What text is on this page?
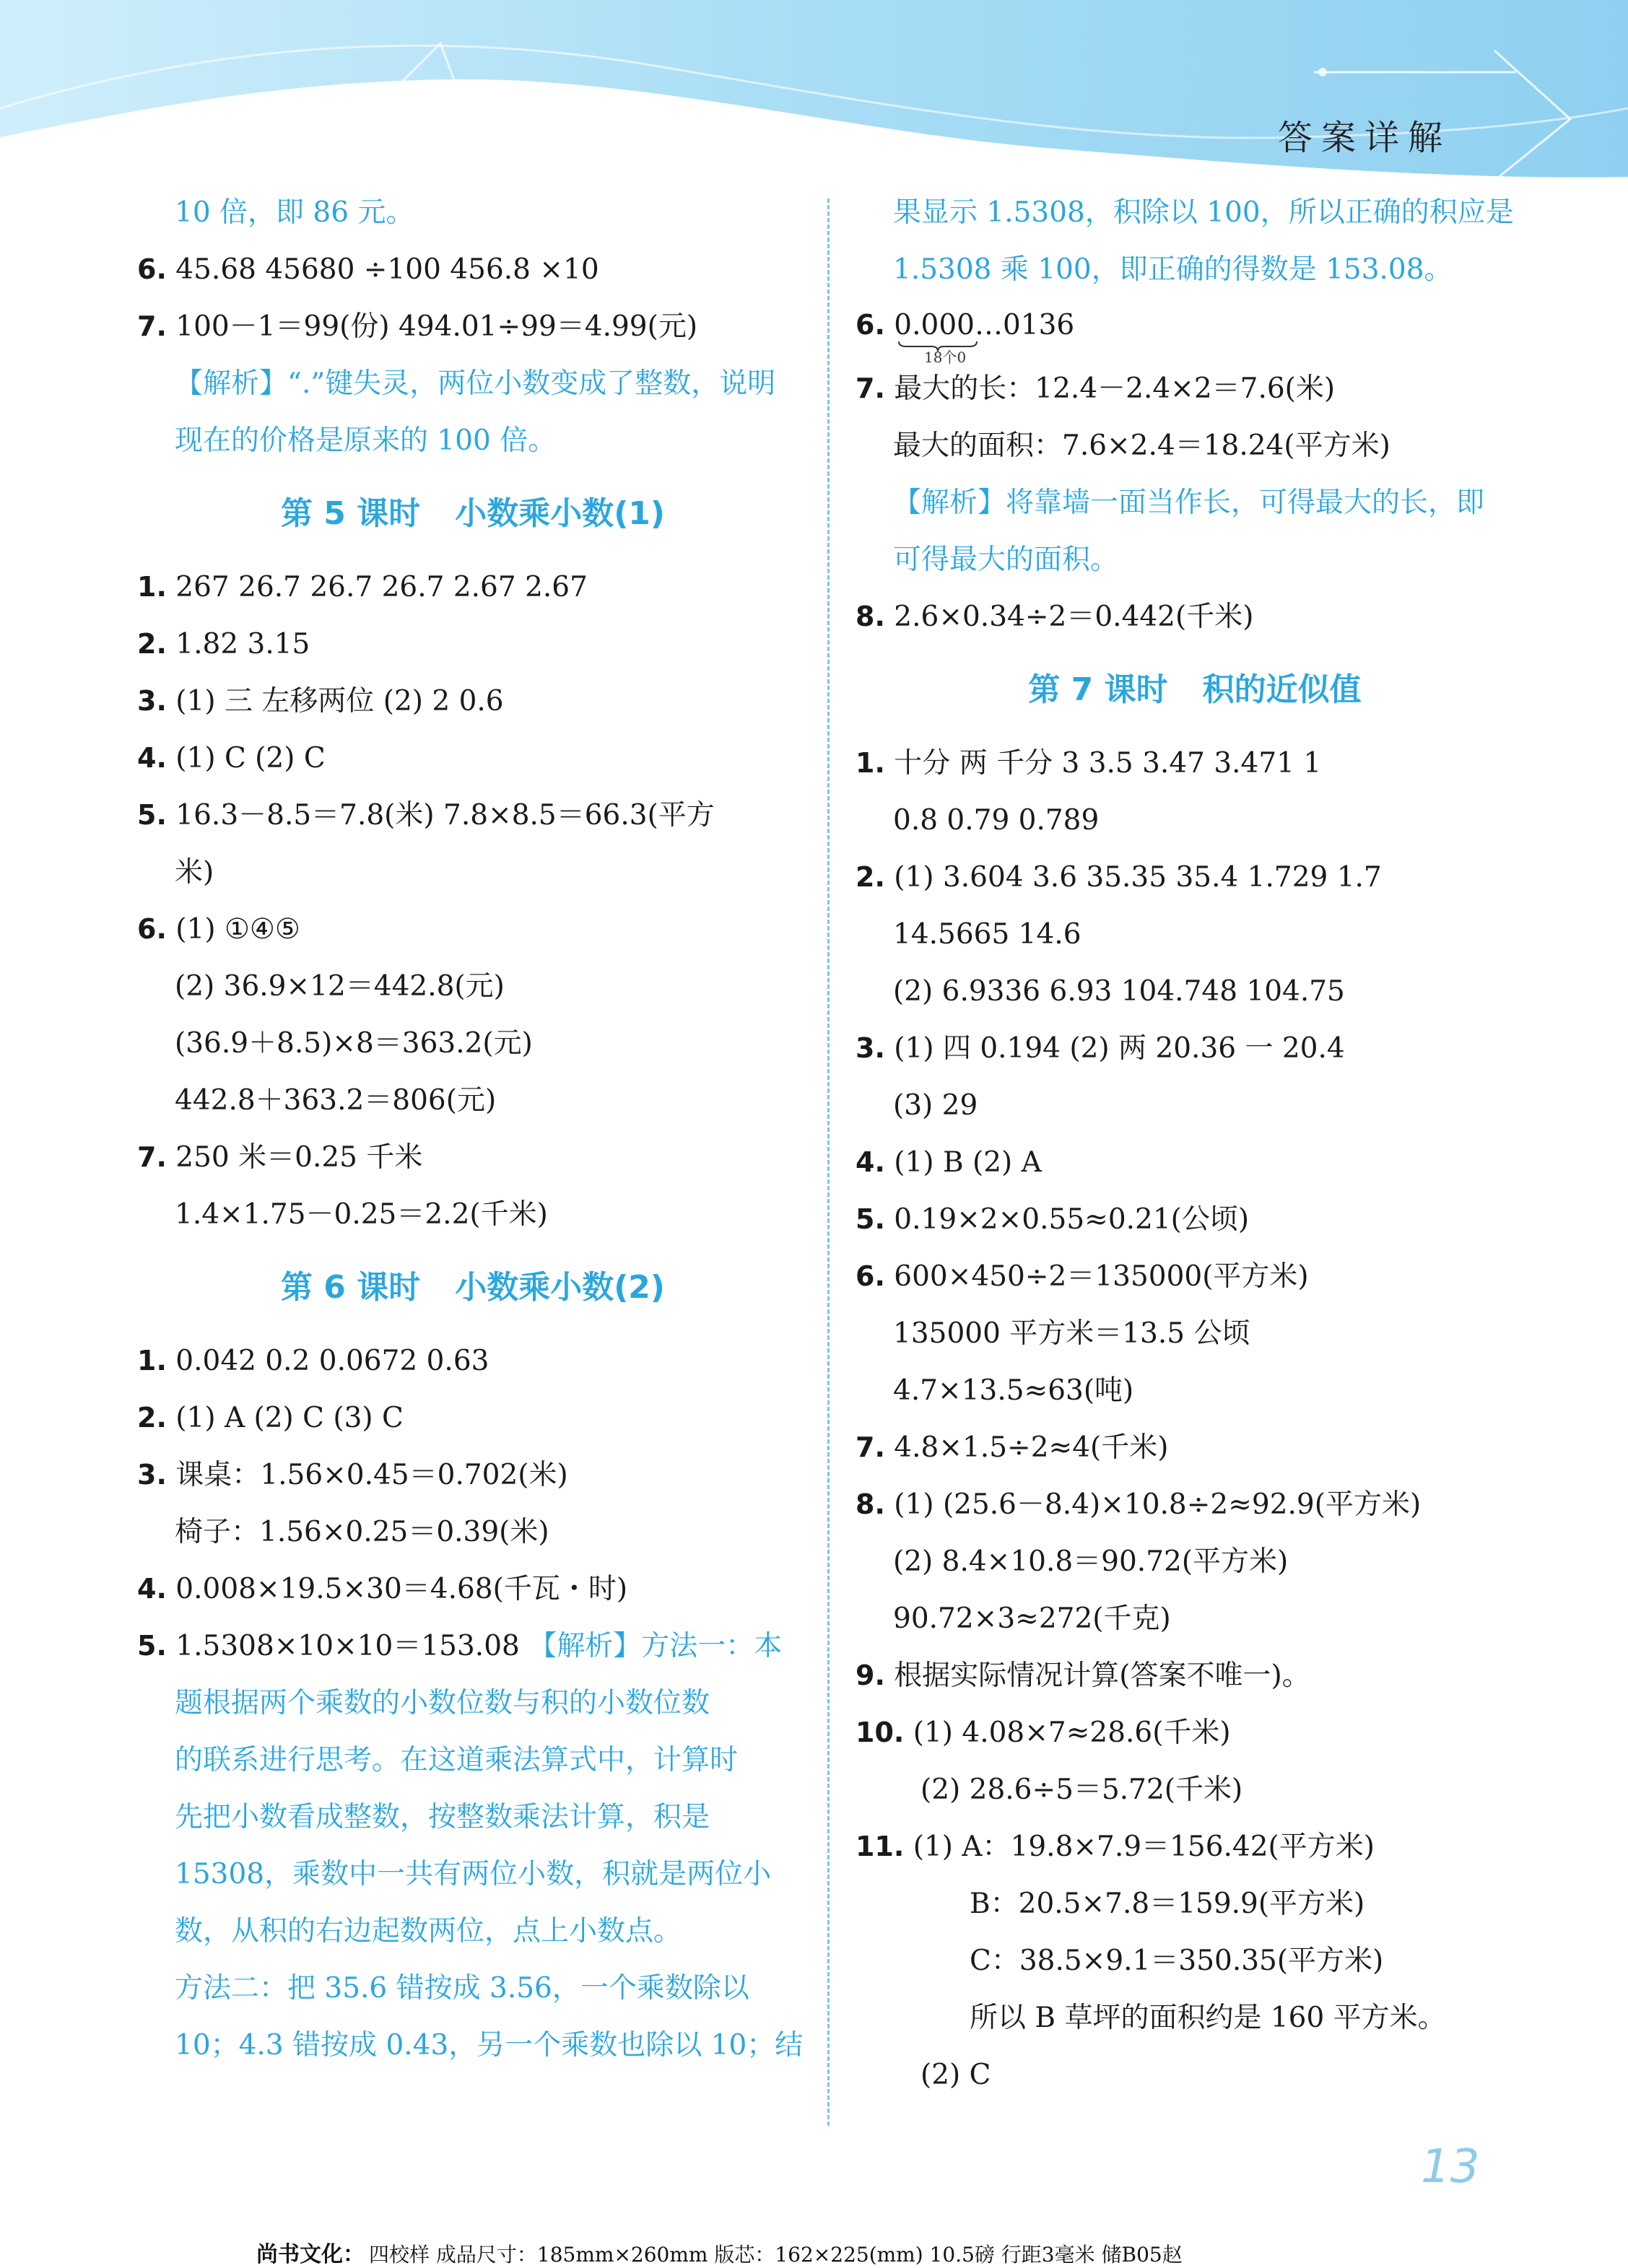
答案详解
10 倍，即 86 元。
6. 45.68 45680 ÷100 456.8 ×10
7. 100－1＝99(份) 494.01÷99＝4.99(元)
【解析】“.”键失灵，两位小数变成了整数，说明
现在的价格是原来的 100 倍。
第 5 课时 小数乘小数(1)
1. 267 26.7 26.7 26.7 2.67 2.67
2. 1.82 3.15
3. (1) 三 左移两位 (2) 2 0.6
4. (1) C (2) C
5. 16.3－8.5＝7.8(米) 7.8×8.5＝66.3(平方
米)
6. (1) ①④⑤
(2) 36.9×12＝442.8(元)
(36.9＋8.5)×8＝363.2(元)
442.8＋363.2＝806(元)
7. 250 米＝0.25 千米
1.4×1.75－0.25＝2.2(千米)
第 6 课时 小数乘小数(2)
1. 0.042 0.2 0.0672 0.63
2. (1) A (2) C (3) C
3. 课桌：1.56×0.45＝0.702(米)
椅子：1.56×0.25＝0.39(米)
4. 0.008×19.5×30＝4.68(千瓦・时)
5. 1.5308×10×10＝153.08 【解析】方法一：本
题根据两个乘数的小数位数与积的小数位数
的联系进行思考。在这道乘法算式中，计算时
先把小数看成整数，按整数乘法计算，积是
15308，乘数中一共有两位小数，积就是两位小
数，从积的右边起数两位，点上小数点。
方法二：把 35.6 错按成 3.56，一个乘数除以
10；4.3 错按成 0.43，另一个乘数也除以 10；结
果显示 1.5308，积除以 100，所以正确的积应是
1.5308 乘 100，即正确的得数是 153.08。
6. 0.000…0136
18个0
7. 最大的长：12.4－2.4×2＝7.6(米)
最大的面积：7.6×2.4＝18.24(平方米)
【解析】将靠墙一面当作长，可得最大的长，即
可得最大的面积。
8. 2.6×0.34÷2＝0.442(千米)
第 7 课时 积的近似值
1. 十分 两 千分 3 3.5 3.47 3.471 1
0.8 0.79 0.789
2. (1) 3.604 3.6 35.35 35.4 1.729 1.7
14.5665 14.6
(2) 6.9336 6.93 104.748 104.75
3. (1) 四 0.194 (2) 两 20.36 一 20.4
(3) 29
4. (1) B (2) A
5. 0.19×2×0.55≈0.21(公顷)
6. 600×450÷2＝135000(平方米)
135000 平方米＝13.5 公顷
4.7×13.5≈63(吨)
7. 4.8×1.5÷2≈4(千米)
8. (1) (25.6－8.4)×10.8÷2≈92.9(平方米)
(2) 8.4×10.8＝90.72(平方米)
90.72×3≈272(千克)
9. 根据实际情况计算(答案不唯一)。
10. (1) 4.08×7≈28.6(千米)
(2) 28.6÷5＝5.72(千米)
11. (1) A：19.8×7.9＝156.42(平方米)
B：20.5×7.8＝159.9(平方米)
C：38.5×9.1＝350.35(平方米)
所以 B 草坪的面积约是 160 平方米。
(2) C
13
尚书文化： 四校样 成品尺寸：185mm×260mm 版芯：162×225(mm) 10.5磅 行距3毫米 储B05赵
